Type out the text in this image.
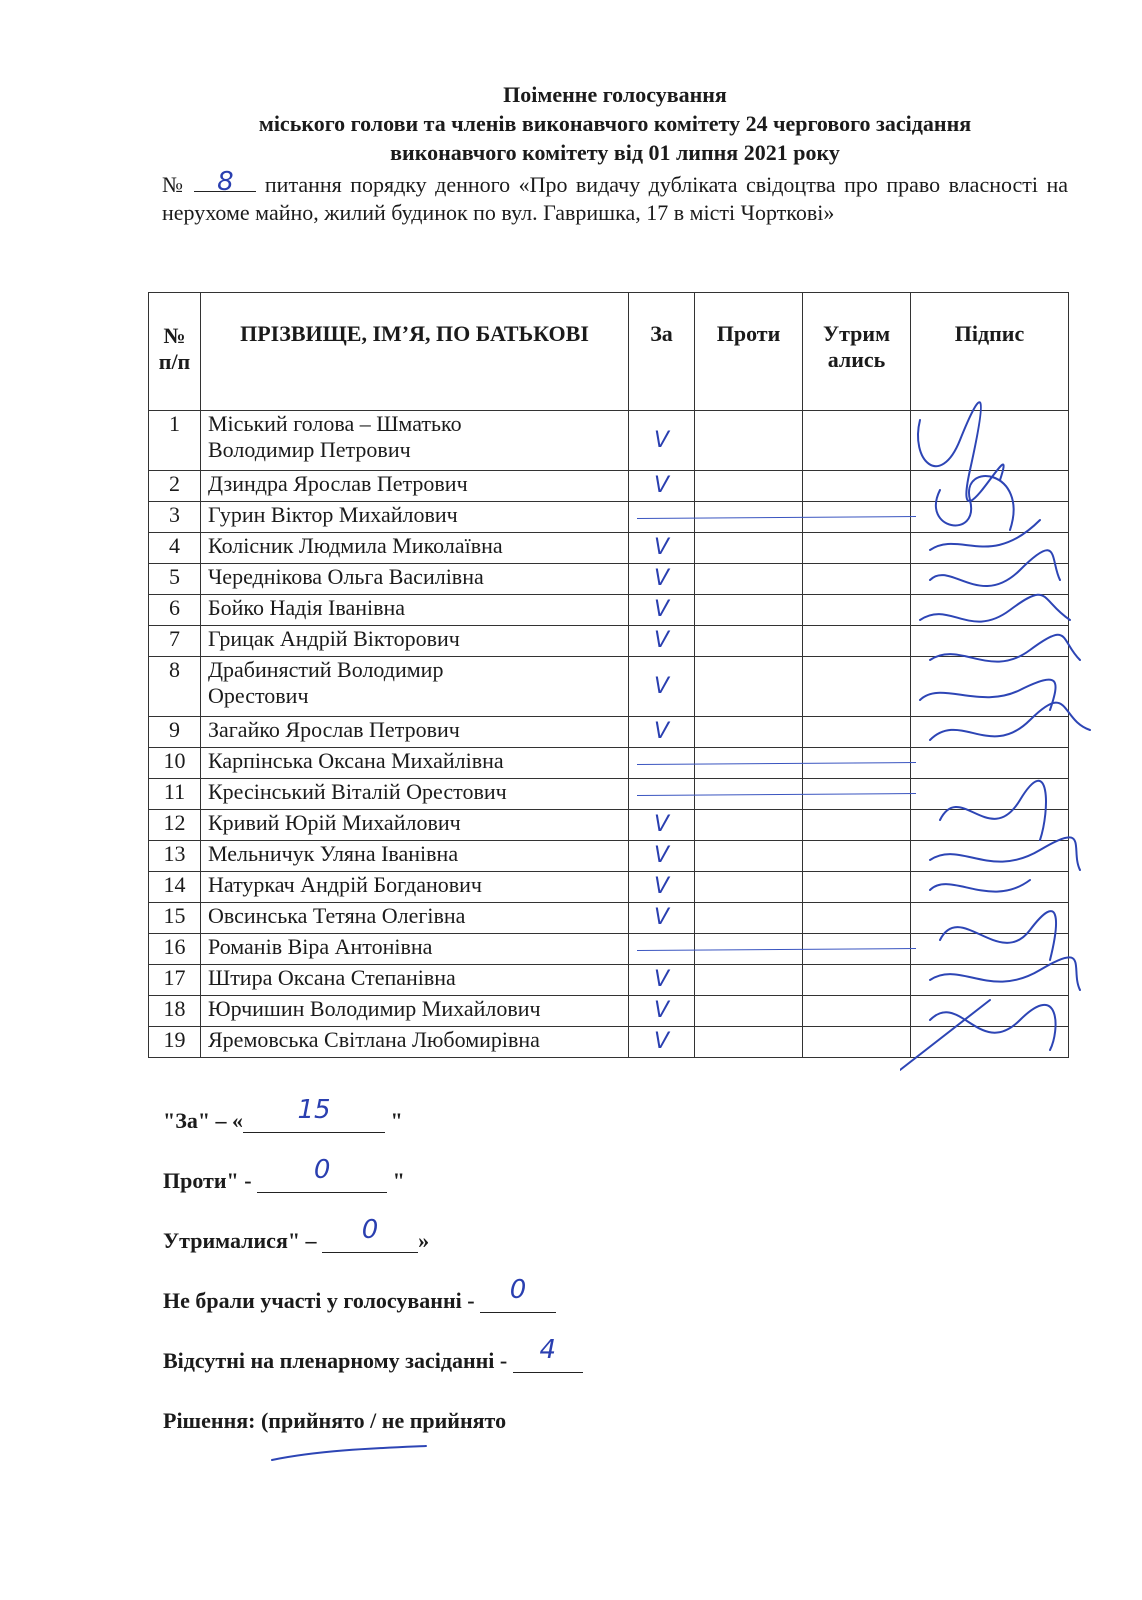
Поіменне голосування
міського голови та членів виконавчого комітету 24 чергового засідання
виконавчого комітету від 01 липня 2021 року
№ 8 питання порядку денного «Про видачу дубліката свідоцтва про право власності на нерухоме майно, жилий будинок по вул. Гавришка, 17 в місті Чорткові»
№ п/п	ПРІЗВИЩЕ, ІМ’Я, ПО БАТЬКОВІ	За	Проти	Утрим ались	Підпис
1	Міський голова – Шматько
Володимир Петрович	V			
2	Дзиндра Ярослав Петрович	V			
3	Гурин Віктор Михайлович				

4	Колісник Людмила Миколаївна	V			
5	Череднікова Ольга Василівна	V			
6	Бойко Надія Іванівна	V			
7	Грицак Андрій Вікторович	V			
8	Драбинястий Володимир
Орестович	V			
9	Загайко Ярослав Петрович	V			
10	Карпінська Оксана Михайлівна				

11	Кресінський Віталій Орестович				

12	Кривий Юрій Михайлович	V			
13	Мельничук Уляна Іванівна	V			
14	Натуркач Андрій Богданович	V			
15	Овсинська Тетяна Олегівна	V			
16	Романів Віра Антонівна				

17	Штира Оксана Степанівна	V			
18	Юрчишин Володимир Михайлович	V			
19	Яремовська Світлана Любомирівна	V			
"За" – « 15 "
Проти" - 0	"
Утрималися" – 0 »
Не брали участі у голосуванні - 0
Відсутні на пленарному засіданні - 4
Рішення: (прийнято / не прийнято
